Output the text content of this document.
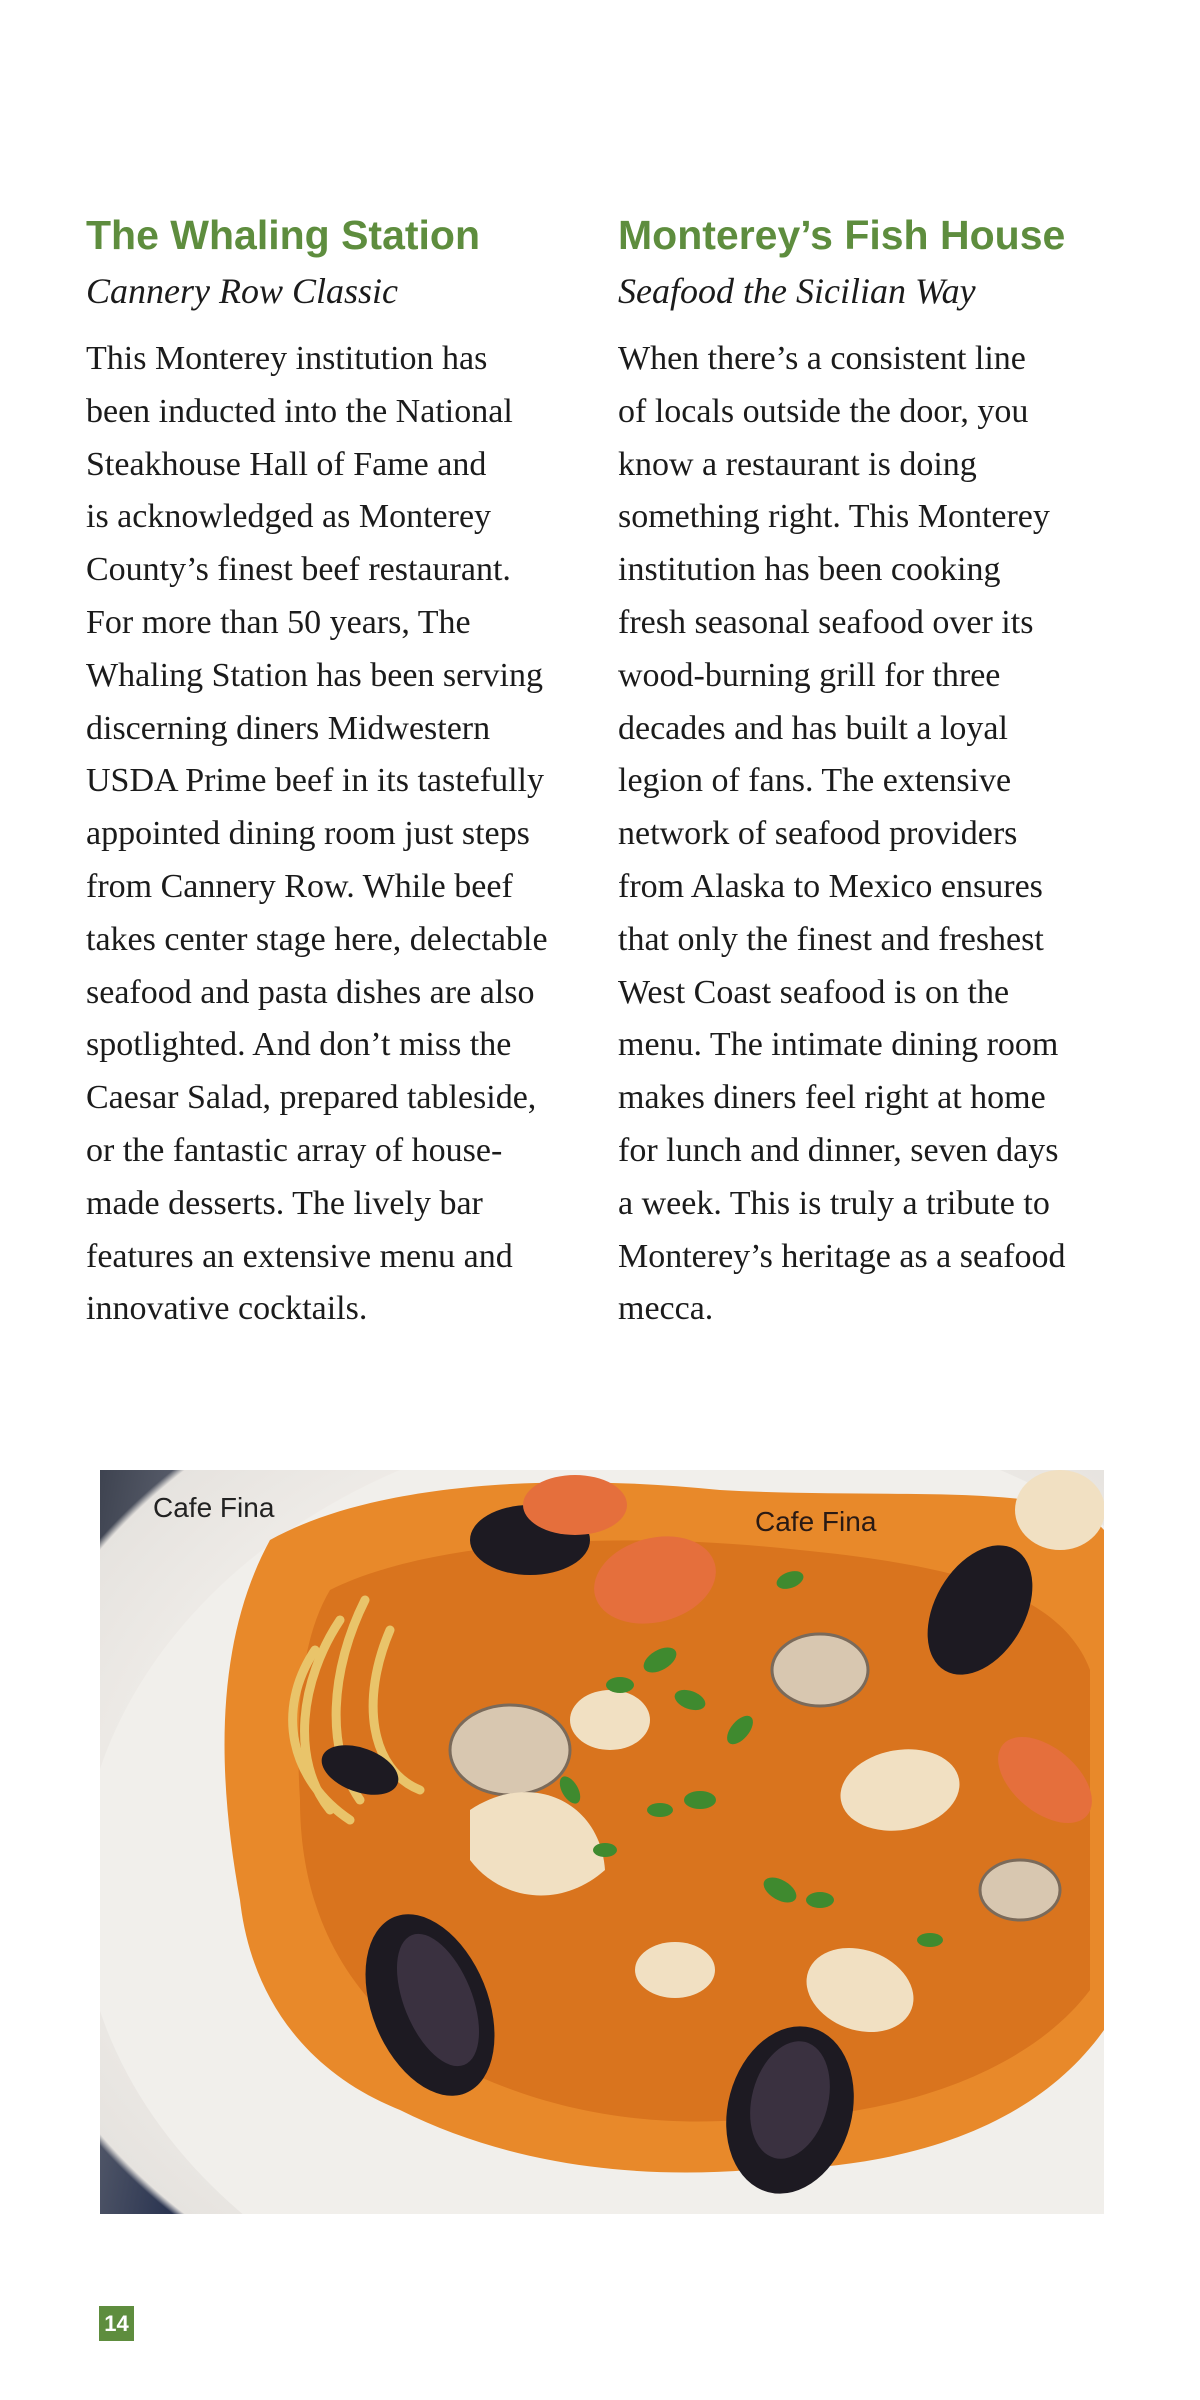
The Whaling Station

Cannery Row Classic

This Monterey institution has
been inducted into the National
Steakhouse Hall of Fame and
is acknowledged as Monterey
County’s finest beef restaurant.
For more than 50 years, The
Whaling Station has been serving
discerning diners Midwestern
USDA Prime beef in its tastefully
appointed dining room just steps
from Cannery Row. While beef
takes center stage here, delectable
seafood and pasta dishes are also
spotlighted. And don’t miss the
Caesar Salad, prepared tableside,
or the fantastic array of house-
made desserts. The lively bar
features an extensive menu and
innovative cocktails.

Monterey’s Fish House

Seafood the Sicilian Way

When there’s a consistent line
of locals outside the door, you
know a restaurant is doing
something right. This Monterey
institution has been cooking
fresh seasonal seafood over its
wood-burning grill for three
decades and has built a loyal
legion of fans. The extensive
network of seafood providers
from Alaska to Mexico ensures
that only the finest and freshest
West Coast seafood is on the
menu. The intimate dining room
makes diners feel right at home
for lunch and dinner, seven days
a week. This is truly a tribute to
Monterey’s heritage as a seafood
mecca.

Cafe Fina	Cafe Fina
14
